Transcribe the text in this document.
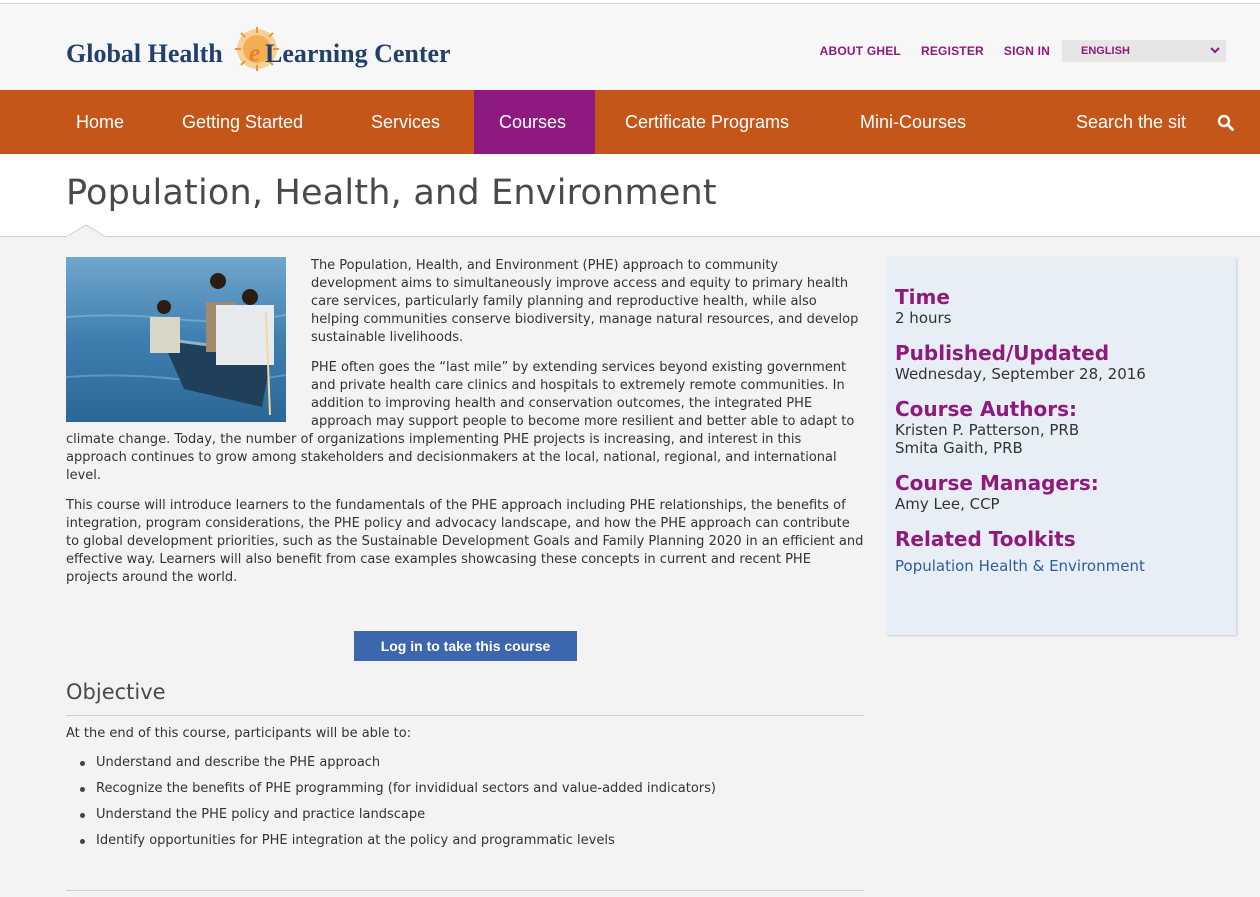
Global Health e Learning Center	ABOUT GHEL REGISTER SIGN IN	ENGLISH
Home	Getting Started	Services	Courses	Certificate Programs	Mini-Courses	Search the sit
Population, Health, and Environment

The Population, Health, and Environment (PHE) approach to community development aims to simultaneously improve access and equity to primary health care services, particularly family planning and reproductive health, while also helping communities conserve biodiversity, manage natural resources, and develop sustainable livelihoods.

PHE often goes the “last mile” by extending services beyond existing government and private health care clinics and hospitals to extremely remote communities. In addition to improving health and conservation outcomes, the integrated PHE approach may support people to become more resilient and better able to adapt to climate change. Today, the number of organizations implementing PHE projects is increasing, and interest in this approach continues to grow among stakeholders and decisionmakers at the local, national, regional, and international level.

This course will introduce learners to the fundamentals of the PHE approach including PHE relationships, the benefits of integration, program considerations, the PHE policy and advocacy landscape, and how the PHE approach can contribute to global development priorities, such as the Sustainable Development Goals and Family Planning 2020 in an efficient and effective way. Learners will also benefit from case examples showcasing these concepts in current and recent PHE projects around the world.

Log in to take this course
Objective
At the end of this course, participants will be able to:
Understand and describe the PHE approach
Recognize the benefits of PHE programming (for invididual sectors and value-added indicators)
Understand the PHE policy and practice landscape
Identify opportunities for PHE integration at the policy and programmatic levels
Time
2 hours
Published/Updated
Wednesday, September 28, 2016
Course Authors:
Kristen P. Patterson, PRB
Smita Gaith, PRB
Course Managers:
Amy Lee, CCP
Related Toolkits
Population Health & Environment
